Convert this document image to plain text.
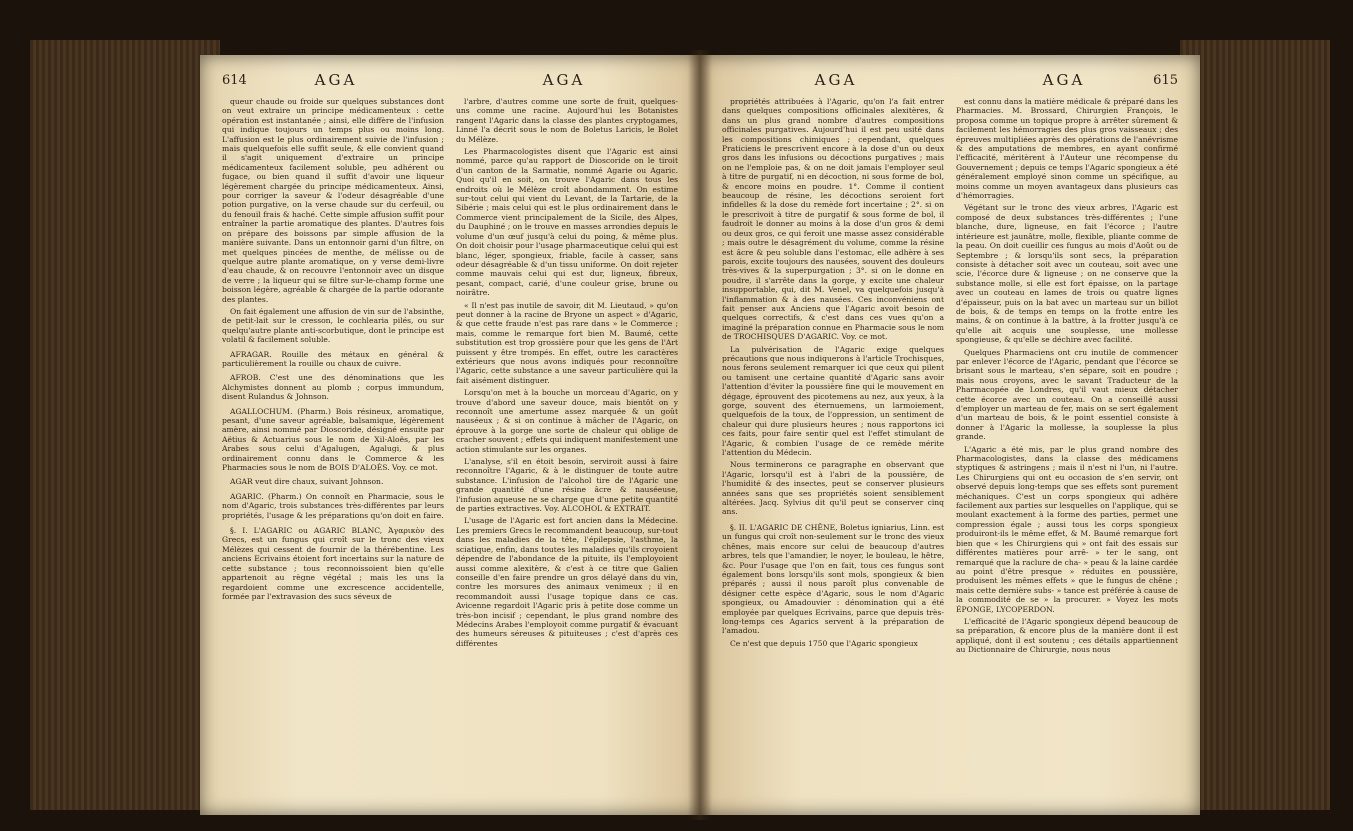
614	AGA	AGA

queur chaude ou froide sur quelques substances dont on veut extraire un principe médicamenteux : cette opération est instantanée ; ainsi, elle diffère de l'infusion qui indique toujours un temps plus ou moins long. L'affusion est le plus ordinairement suivie de l'infusion ; mais quelquefois elle suffit seule, & elle convient quand il s'agit uniquement d'extraire un principe médicamenteux facilement soluble, peu adhérent ou fugace, ou bien quand il suffit d'avoir une liqueur légèrement chargée du principe médicamenteux. Ainsi, pour corriger la saveur & l'odeur désagréable d'une potion purgative, on la verse chaude sur du cerfeuil, ou du fenouil frais & haché. Cette simple affusion suffit pour entraîner la partie aromatique des plantes. D'autres fois on prépare des boissons par simple affusion de la manière suivante. Dans un entonnoir garni d'un filtre, on met quelques pincées de menthe, de mélisse ou de quelque autre plante aromatique, on y verse demi-livre d'eau chaude, & on recouvre l'entonnoir avec un disque de verre ; la liqueur qui se filtre sur-le-champ forme une boisson légère, agréable & chargée de la partie odorante des plantes.

On fait également une affusion de vin sur de l'absinthe, de petit-lait sur le cresson, le cochlearia pilés, ou sur quelqu'autre plante anti-scorbutique, dont le principe est volatil & facilement soluble.

AFRAGAR. Rouille des métaux en général & particulièrement la rouille ou chaux de cuivre.

AFROB. C'est une des dénominations que les Alchymistes donnent au plomb ; corpus immundum, disent Rulandus & Johnson.

AGALLOCHUM. (Pharm.) Bois résineux, aromatique, pesant, d'une saveur agréable, balsamique, légèrement amère, ainsi nommé par Dioscoride, désigné ensuite par Aëtius & Actuarius sous le nom de Xil-Aloës, par les Arabes sous celui d'Agalugen, Agalugi, & plus ordinairement connu dans le Commerce & les Pharmacies sous le nom de BOIS D'ALOÈS. Voy. ce mot.

AGAR veut dire chaux, suivant Johnson.

AGARIC. (Pharm.) On connoît en Pharmacie, sous le nom d'Agaric, trois substances très-différentes par leurs propriétés, l'usage & les préparations qu'on doit en faire.

§. I. L'AGARIC ou AGARIC BLANC, Ἀγαρικὸν des Grecs, est un fungus qui croît sur le tronc des vieux Mélèzes qui cessent de fournir de la thérébentine. Les anciens Ecrivains étoient fort incertains sur la nature de cette substance ; tous reconnoissoient bien qu'elle appartenoit au règne végétal ; mais les uns la regardoient comme une excrescence accidentelle, formée par l'extravasion des sucs séveux de

l'arbre, d'autres comme une sorte de fruit, quelques-uns comme une racine. Aujourd'hui les Botanistes rangent l'Agaric dans la classe des plantes cryptogames, Linné l'a décrit sous le nom de Boletus Laricis, le Bolet du Mélèze.

Les Pharmacologistes disent que l'Agaric est ainsi nommé, parce qu'au rapport de Dioscoride on le tiroit d'un canton de la Sarmatie, nommé Agarie ou Agaric. Quoi qu'il en soit, on trouve l'Agaric dans tous les endroits où le Mélèze croît abondamment. On estime sur-tout celui qui vient du Levant, de la Tartarie, de la Sibérie ; mais celui qui est le plus ordinairement dans le Commerce vient principalement de la Sicile, des Alpes, du Dauphiné ; on le trouve en masses arrondies depuis le volume d'un œuf jusqu'à celui du poing, & même plus. On doit choisir pour l'usage pharmaceutique celui qui est blanc, léger, spongieux, friable, facile à casser, sans odeur désagréable & d'un tissu uniforme. On doit rejeter comme mauvais celui qui est dur, ligneux, fibreux, pesant, compact, carié, d'une couleur grise, brune ou noirâtre.

« Il n'est pas inutile de savoir, dit M. Lieutaud, » qu'on peut donner à la racine de Bryone un aspect » d'Agaric, & que cette fraude n'est pas rare dans » le Commerce ; mais, comme le remarque fort bien M. Baumé, cette substitution est trop grossière pour que les gens de l'Art puissent y être trompés. En effet, outre les caractères extérieurs que nous avons indiqués pour reconnoître l'Agaric, cette substance a une saveur particulière qui la fait aisément distinguer.

Lorsqu'on met à la bouche un morceau d'Agaric, on y trouve d'abord une saveur douce, mais bientôt on y reconnoît une amertume assez marquée & un goût nauséeux ; & si on continue à mâcher de l'Agaric, on éprouve à la gorge une sorte de chaleur qui oblige de cracher souvent ; effets qui indiquent manifestement une action stimulante sur les organes.

L'analyse, s'il en étoit besoin, serviroit aussi à faire reconnoître l'Agaric, & à le distinguer de toute autre substance. L'infusion de l'alcohol tire de l'Agaric une grande quantité d'une résine âcre & nauséeuse, l'infusion aqueuse ne se charge que d'une petite quantité de parties extractives. Voy. ALCOHOL & EXTRAIT.

L'usage de l'Agaric est fort ancien dans la Médecine. Les premiers Grecs le recommandent beaucoup, sur-tout dans les maladies de la tête, l'épilepsie, l'asthme, la sciatique, enfin, dans toutes les maladies qu'ils croyoient dépendre de l'abondance de la pituite, ils l'employoient aussi comme alexitère, & c'est à ce titre que Galien conseille d'en faire prendre un gros délayé dans du vin, contre les morsures des animaux venimeux ; il en recommandoit aussi l'usage topique dans ce cas. Avicenne regardoit l'Agaric pris à petite dose comme un très-bon incisif ; cependant, le plus grand nombre des Médecins Arabes l'employoit comme purgatif & évacuant des humeurs séreuses & pituiteuses ; c'est d'après ces différentes

AGA	AGA	615

propriétés attribuées à l'Agaric, qu'on l'a fait entrer dans quelques compositions officinales alexitères, & dans un plus grand nombre d'autres compositions officinales purgatives. Aujourd'hui il est peu usité dans les compositions chimiques ; cependant, quelques Praticiens le prescrivent encore à la dose d'un ou deux gros dans les infusions ou décoctions purgatives ; mais on ne l'emploie pas, & on ne doit jamais l'employer seul à titre de purgatif, ni en décoction, ni sous forme de bol, & encore moins en poudre. 1°. Comme il contient beaucoup de résine, les décoctions seroient fort infidelles & la dose du remède fort incertaine ; 2°. si on le prescrivoit à titre de purgatif & sous forme de bol, il faudroit le donner au moins à la dose d'un gros & demi ou deux gros, ce qui feroit une masse assez considérable ; mais outre le désagrément du volume, comme la résine est âcre & peu soluble dans l'estomac, elle adhère à ses parois, excite toujours des nausées, souvent des douleurs très-vives & la superpurgation ; 3°. si on le donne en poudre, il s'arrête dans la gorge, y excite une chaleur insupportable, qui, dit M. Venel, va quelquefois jusqu'à l'inflammation & à des nausées. Ces inconvéniens ont fait penser aux Anciens que l'Agaric avoit besoin de quelques correctifs, & c'est dans ces vues qu'on a imaginé la préparation connue en Pharmacie sous le nom de TROCHISQUES D'AGARIC. Voy. ce mot.

La pulvérisation de l'Agaric exige quelques précautions que nous indiquerons à l'article Trochisques, nous ferons seulement remarquer ici que ceux qui pilent ou tamisent une certaine quantité d'Agaric sans avoir l'attention d'éviter la poussière fine qui le mouvement en dégage, éprouvent des picotemens au nez, aux yeux, à la gorge, souvent des éternuemens, un larmoiement, quelquefois de la toux, de l'oppression, un sentiment de chaleur qui dure plusieurs heures ; nous rapportons ici ces faits, pour faire sentir quel est l'effet stimulant de l'Agaric, & combien l'usage de ce remède mérite l'attention du Médecin.

Nous terminerons ce paragraphe en observant que l'Agaric, lorsqu'il est à l'abri de la poussière, de l'humidité & des insectes, peut se conserver plusieurs années sans que ses propriétés soient sensiblement altérées. Jacq. Sylvius dit qu'il peut se conserver cinq ans.

§. II. L'AGARIC DE CHÊNE, Boletus igniarius, Linn. est un fungus qui croît non-seulement sur le tronc des vieux chênes, mais encore sur celui de beaucoup d'autres arbres, tels que l'amandier, le noyer, le bouleau, le hêtre, &c. Pour l'usage que l'on en fait, tous ces fungus sont également bons lorsqu'ils sont mols, spongieux & bien préparés ; aussi il nous paroît plus convenable de désigner cette espèce d'Agaric, sous le nom d'Agaric spongieux, ou Amadouvier : dénomination qui a été employée par quelques Ecrivains, parce que depuis très-long-temps ces Agarics servent à la préparation de l'amadou.

Ce n'est que depuis 1750 que l'Agaric spongieux

est connu dans la matière médicale & préparé dans les Pharmacies. M. Brossard, Chirurgien François, le proposa comme un topique propre à arrêter sûrement & facilement les hémorragies des plus gros vaisseaux ; des épreuves multipliées après des opérations de l'anévrisme & des amputations de membres, en ayant confirmé l'efficacité, méritèrent à l'Auteur une récompense du Gouvernement ; depuis ce temps l'Agaric spongieux a été généralement employé sinon comme un spécifique, au moins comme un moyen avantageux dans plusieurs cas d'hémorragies.

Végétant sur le tronc des vieux arbres, l'Agaric est composé de deux substances très-différentes ; l'une blanche, dure, ligneuse, en fait l'écorce ; l'autre intérieure est jaunâtre, molle, flexible, pliante comme de la peau. On doit cueillir ces fungus au mois d'Août ou de Septembre ; & lorsqu'ils sont secs, la préparation consiste à détacher soit avec un couteau, soit avec une scie, l'écorce dure & ligneuse ; on ne conserve que la substance molle, si elle est fort épaisse, on la partage avec un couteau en lames de trois ou quatre lignes d'épaisseur, puis on la bat avec un marteau sur un billot de bois, & de temps en temps on la frotte entre les mains, & on continue à la battre, à la frotter jusqu'à ce qu'elle ait acquis une souplesse, une mollesse spongieuse, & qu'elle se déchire avec facilité.

Quelques Pharmaciens ont cru inutile de commencer par enlever l'écorce de l'Agaric, pendant que l'écorce se brisant sous le marteau, s'en sépare, soit en poudre ; mais nous croyons, avec le savant Traducteur de la Pharmacopée de Londres, qu'il vaut mieux détacher cette écorce avec un couteau. On a conseillé aussi d'employer un marteau de fer, mais on se sert également d'un marteau de bois, & le point essentiel consiste à donner à l'Agaric la mollesse, la souplesse la plus grande.

L'Agaric a été mis, par le plus grand nombre des Pharmacologistes, dans la classe des médicamens styptiques & astringens ; mais il n'est ni l'un, ni l'autre. Les Chirurgiens qui ont eu occasion de s'en servir, ont observé depuis long-temps que ses effets sont purement méchaniques. C'est un corps spongieux qui adhère facilement aux parties sur lesquelles on l'applique, qui se moulant exactement à la forme des parties, permet une compression égale ; aussi tous les corps spongieux produiront-ils le même effet, & M. Baumé remarque fort bien que « les Chirurgiens qui » ont fait des essais sur différentes matières pour arrê- » ter le sang, ont remarqué que la raclure de cha- » peau & la laine cardée au point d'être presque » réduites en poussière, produisent les mêmes effets » que le fungus de chêne ; mais cette dernière subs- » tance est préférée à cause de la commodité de se » la procurer. » Voyez les mots ÉPONGE, LYCOPERDON.

L'efficacité de l'Agaric spongieux dépend beaucoup de sa préparation, & encore plus de la manière dont il est appliqué, dont il est soutenu ; ces détails appartiennent au Dictionnaire de Chirurgie, nous nous
